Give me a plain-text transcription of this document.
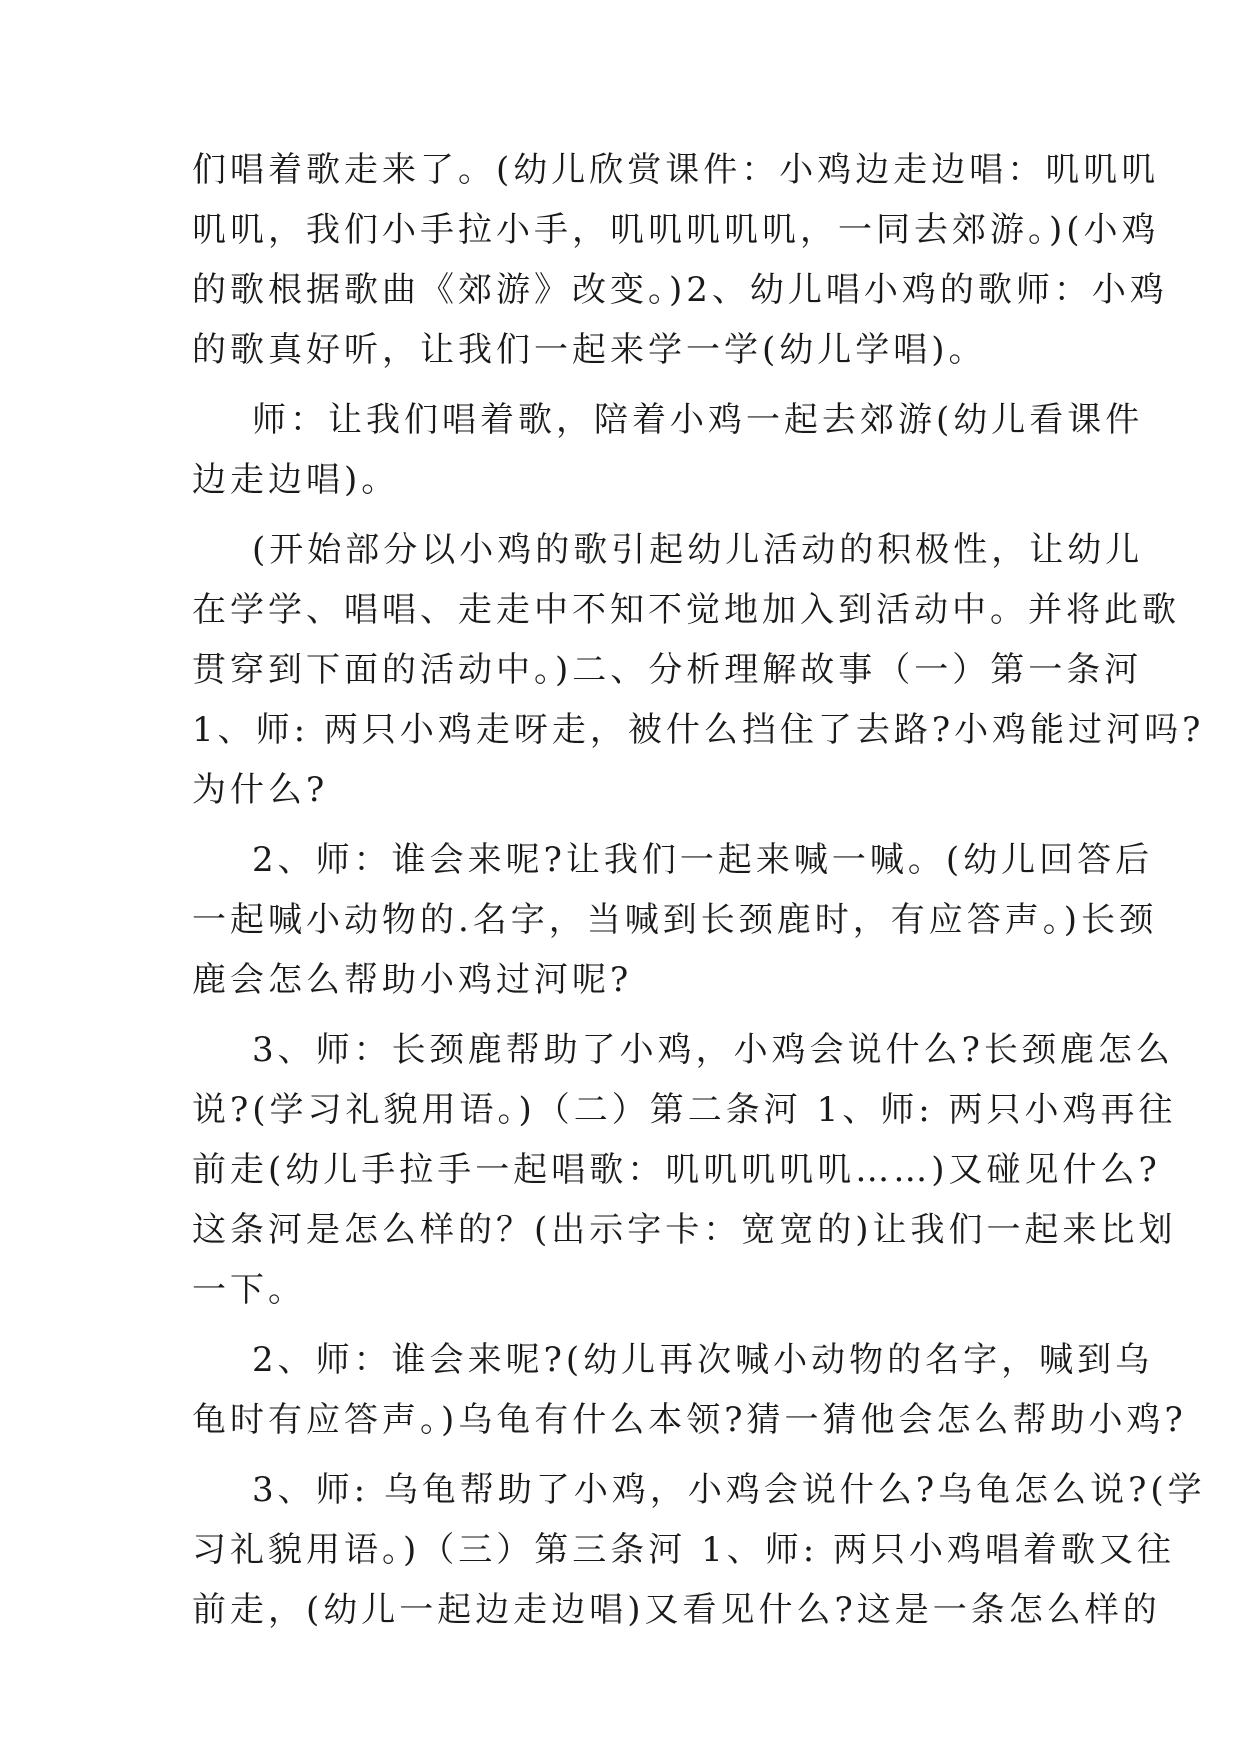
们唱着歌走来了。(幼儿欣赏课件：小鸡边走边唱：叽叽叽
叽叽，我们小手拉小手，叽叽叽叽叽，一同去郊游。)(小鸡
的歌根据歌曲《郊游》改变。)2、幼儿唱小鸡的歌师：小鸡
的歌真好听，让我们一起来学一学(幼儿学唱)。
师：让我们唱着歌，陪着小鸡一起去郊游(幼儿看课件
边走边唱)。
(开始部分以小鸡的歌引起幼儿活动的积极性，让幼儿
在学学、唱唱、走走中不知不觉地加入到活动中。并将此歌
贯穿到下面的活动中。)二、分析理解故事（一）第一条河
1、师: 两只小鸡走呀走，被什么挡住了去路?小鸡能过河吗?
为什么?
2、师：谁会来呢?让我们一起来喊一喊。(幼儿回答后
一起喊小动物的.名字，当喊到长颈鹿时，有应答声。)长颈
鹿会怎么帮助小鸡过河呢?
3、师：长颈鹿帮助了小鸡，小鸡会说什么?长颈鹿怎么
说?(学习礼貌用语。)（二）第二条河 1、师: 两只小鸡再往
前走(幼儿手拉手一起唱歌：叽叽叽叽叽……)又碰见什么?
这条河是怎么样的？(出示字卡：宽宽的)让我们一起来比划
一下。
2、师：谁会来呢?(幼儿再次喊小动物的名字，喊到乌
龟时有应答声。)乌龟有什么本领?猜一猜他会怎么帮助小鸡?
3、师: 乌龟帮助了小鸡，小鸡会说什么?乌龟怎么说?(学
习礼貌用语。)（三）第三条河 1、师: 两只小鸡唱着歌又往
前走，(幼儿一起边走边唱)又看见什么?这是一条怎么样的
